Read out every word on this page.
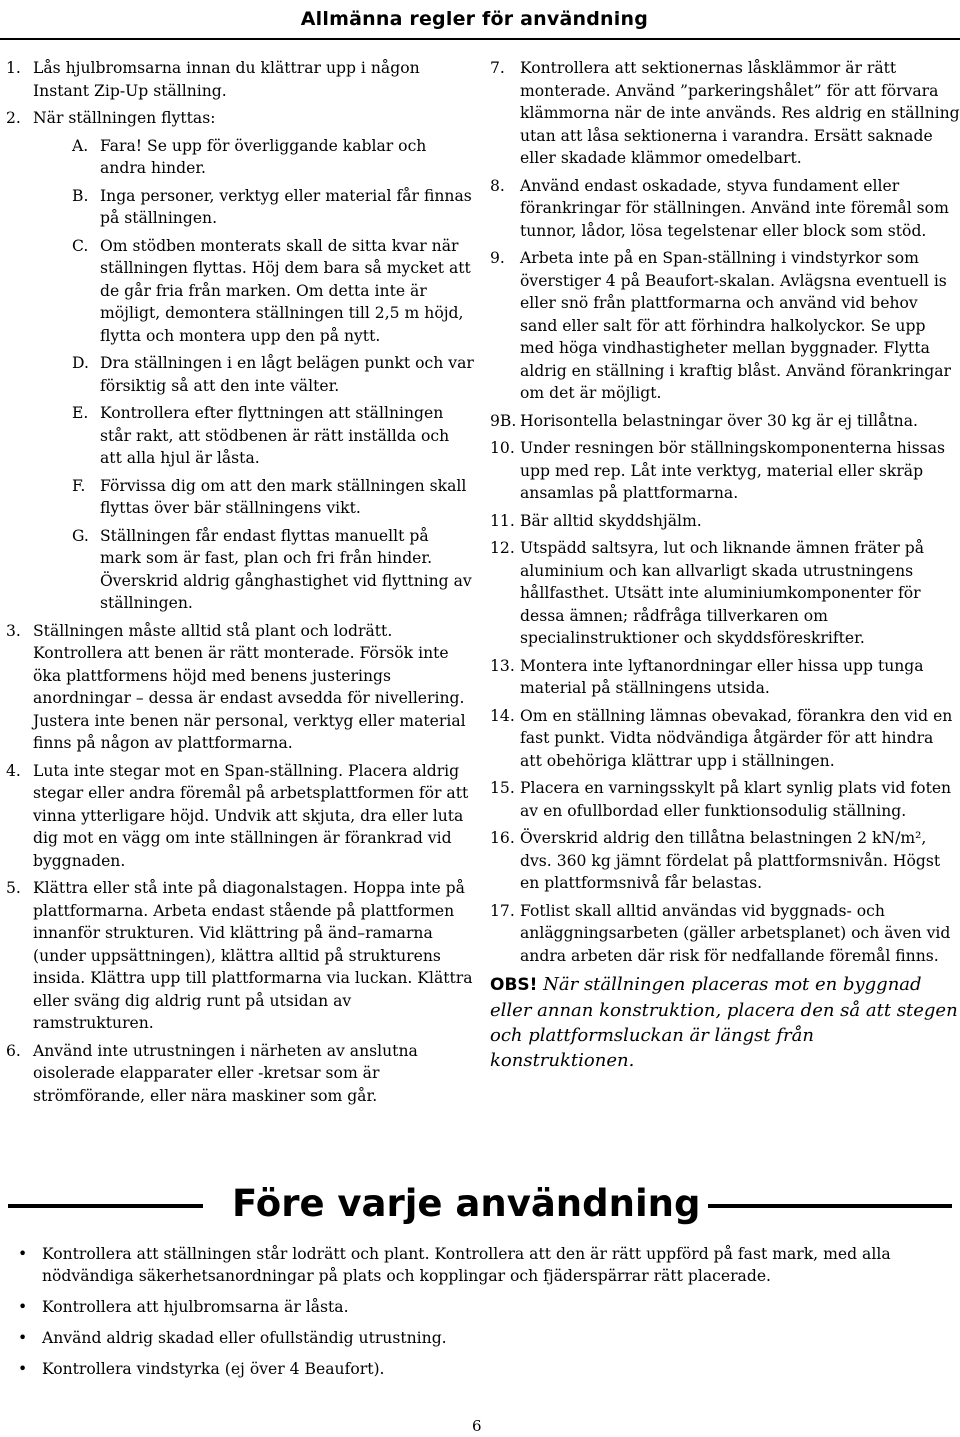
Allmänna regler för användning
1. Lås hjulbromsarna innan du klättrar upp i någon Instant Zip-Up ställning.
2. När ställningen flyttas:
A. Fara! Se upp för överliggande kablar och andra hinder.
B. Inga personer, verktyg eller material får finnas på ställningen.
C. Om stödben monterats skall de sitta kvar när ställningen flyttas. Höj dem bara så mycket att de går fria från marken. Om detta inte är möjligt, demontera ställningen till 2,5 m höjd, flytta och montera upp den på nytt.
D. Dra ställningen i en lågt belägen punkt och var försiktig så att den inte välter.
E. Kontrollera efter flyttningen att ställningen står rakt, att stödbenen är rätt inställda och att alla hjul är låsta.
F. Förvissa dig om att den mark ställningen skall flyttas över bär ställningens vikt.
G. Ställningen får endast flyttas manuellt på mark som är fast, plan och fri från hinder. Överskrid aldrig gånghastighet vid flyttning av ställningen.
3. Ställningen måste alltid stå plant och lodrätt. Kontrollera att benen är rätt monterade. Försök inte öka plattformens höjd med benens justerings anordningar – dessa är endast avsedda för nivellering. Justera inte benen när personal, verktyg eller material finns på någon av plattformarna.
4. Luta inte stegar mot en Span-ställning. Placera aldrig stegar eller andra föremål på arbetsplattformen för att vinna ytterligare höjd. Undvik att skjuta, dra eller luta dig mot en vägg om inte ställningen är förankrad vid byggnaden.
5. Klättra eller stå inte på diagonalstagen. Hoppa inte på plattformarna. Arbeta endast stående på plattformen innanför strukturen. Vid klättring på änd–ramarna (under uppsättningen), klättra alltid på strukturens insida. Klättra upp till plattformarna via luckan. Klättra eller sväng dig aldrig runt på utsidan av ramstrukturen.
6. Använd inte utrustningen i närheten av anslutna oisolerade elapparater eller -kretsar som är strömförande, eller nära maskiner som går.
7. Kontrollera att sektionernas låsklämmor är rätt monterade. Använd ”parkeringshålet” för att förvara klämmorna när de inte används. Res aldrig en ställning utan att låsa sektionerna i varandra. Ersätt saknade eller skadade klämmor omedelbart.
8. Använd endast oskadade, styva fundament eller förankringar för ställningen. Använd inte föremål som tunnor, lådor, lösa tegelstenar eller block som stöd.
9. Arbeta inte på en Span-ställning i vindstyrkor som överstiger 4 på Beaufort-skalan. Avlägsna eventuell is eller snö från plattformarna och använd vid behov sand eller salt för att förhindra halkolyckor. Se upp med höga vindhastigheter mellan byggnader. Flytta aldrig en ställning i kraftig blåst. Använd förankringar om det är möjligt.
9B. Horisontella belastningar över 30 kg är ej tillåtna.
10. Under resningen bör ställningskomponenterna hissas upp med rep. Låt inte verktyg, material eller skräp ansamlas på plattformarna.
11. Bär alltid skyddshjälm.
12. Utspädd saltsyra, lut och liknande ämnen fräter på aluminium och kan allvarligt skada utrustningens hållfasthet. Utsätt inte aluminiumkomponenter för dessa ämnen; rådfråga tillverkaren om specialinstruktioner och skyddsföreskrifter.
13. Montera inte lyftanordningar eller hissa upp tunga material på ställningens utsida.
14. Om en ställning lämnas obevakad, förankra den vid en fast punkt. Vidta nödvändiga åtgärder för att hindra att obehöriga klättrar upp i ställningen.
15. Placera en varningsskylt på klart synlig plats vid foten av en ofullbordad eller funktionsodulig ställning.
16. Överskrid aldrig den tillåtna belastningen 2 kN/m², dvs. 360 kg jämnt fördelat på plattformsnivån. Högst en plattformsnivå får belastas.
17. Fotlist skall alltid användas vid byggnads- och anläggningsarbeten (gäller arbetsplanet) och även vid andra arbeten där risk för nedfallande föremål finns.
OBS! När ställningen placeras mot en byggnad eller annan konstruktion, placera den så att stegen och plattformsluckan är längst från konstruktionen.
Före varje användning
• Kontrollera att ställningen står lodrätt och plant. Kontrollera att den är rätt uppförd på fast mark, med alla nödvändiga säkerhetsanordningar på plats och kopplingar och fjäderspärrar rätt placerade.
• Kontrollera att hjulbromsarna är låsta.
• Använd aldrig skadad eller ofullständig utrustning.
• Kontrollera vindstyrka (ej över 4 Beaufort).
6
